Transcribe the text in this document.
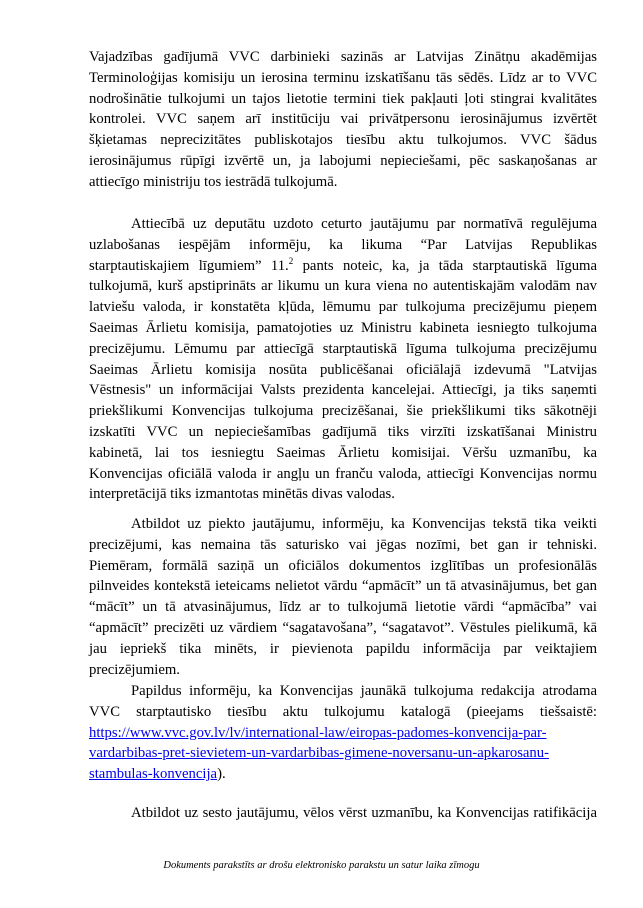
Vajadzības gadījumā VVC darbinieki sazinās ar Latvijas Zinātņu akadēmijas
Terminoloģijas komisiju un ierosina terminu izskatīšanu tās sēdēs. Līdz ar to VVC
nodrošinātie tulkojumi un tajos lietotie termini tiek pakļauti ļoti stingrai kvalitātes
kontrolei. VVC saņem arī institūciju vai privātpersonu ierosinājumus izvērtēt
šķietamas neprecizitātes publiskotajos tiesību aktu tulkojumos. VVC šādus
ierosinājumus rūpīgi izvērtē un, ja labojumi nepieciešami, pēc saskaņošanas ar
attiecīgo ministriju tos iestrādā tulkojumā.
Attiecībā uz deputātu uzdoto ceturto jautājumu par normatīvā regulējuma
uzlabošanas iespējām informēju, ka likuma “Par Latvijas Republikas
starptautiskajiem līgumiem” 11.$^2$ pants noteic, ka, ja tāda starptautiskā līguma
tulkojumā, kurš apstiprināts ar likumu un kura viena no autentiskajām valodām nav
latviešu valoda, ir konstatēta kļūda, lēmumu par tulkojuma precizējumu pieņem
Saeimas Ārlietu komisija, pamatojoties uz Ministru kabineta iesniegto tulkojuma
precizējumu. Lēmumu par attiecīgā starptautiskā līguma tulkojuma precizējumu
Saeimas Ārlietu komisija nosūta publicēšanai oficiālajā izdevumā "Latvijas
Vēstnesis" un informācijai Valsts prezidenta kancelejai. Attiecīgi, ja tiks saņemti
priekšlikumi Konvencijas tulkojuma precizēšanai, šie priekšlikumi tiks sākotnēji
izskatīti VVC un nepieciešamības gadījumā tiks virzīti izskatīšanai Ministru
kabinetā, lai tos iesniegtu Saeimas Ārlietu komisijai. Vēršu uzmanību, ka
Konvencijas oficiālā valoda ir angļu un franču valoda, attiecīgi Konvencijas normu
interpretācijā tiks izmantotas minētās divas valodas.
Atbildot uz piekto jautājumu, informēju, ka Konvencijas tekstā tika veikti
precizējumi, kas nemaina tās saturisko vai jēgas nozīmi, bet gan ir tehniski.
Piemēram, formālā saziņā un oficiālos dokumentos izglītības un profesionālās
pilnveides kontekstā ieteicams nelietot vārdu “apmācīt” un tā atvasinājumus, bet gan
“mācīt” un tā atvasinājumus, līdz ar to tulkojumā lietotie vārdi “apmācība” vai
“apmācīt” precizēti uz vārdiem “sagatavošana”, “sagatavot”. Vēstules pielikumā, kā
jau iepriekš tika minēts, ir pievienota papildu informācija par veiktajiem
precizējumiem.
Papildus informēju, ka Konvencijas jaunākā tulkojuma redakcija atrodama
VVC starptautisko tiesību aktu tulkojumu katalogā (pieejams tiešsaistē:
https://www.vvc.gov.lv/lv/international-law/eiropas-padomes-konvencija-par-
vardarbibas-pret-sievietem-un-vardarbibas-gimene-noversanu-un-apkarosanu-
stambulas-konvencija).
Atbildot uz sesto jautājumu, vēlos vērst uzmanību, ka Konvencijas ratifikācija
Dokuments parakstīts ar drošu elektronisko parakstu un satur laika zīmogu
